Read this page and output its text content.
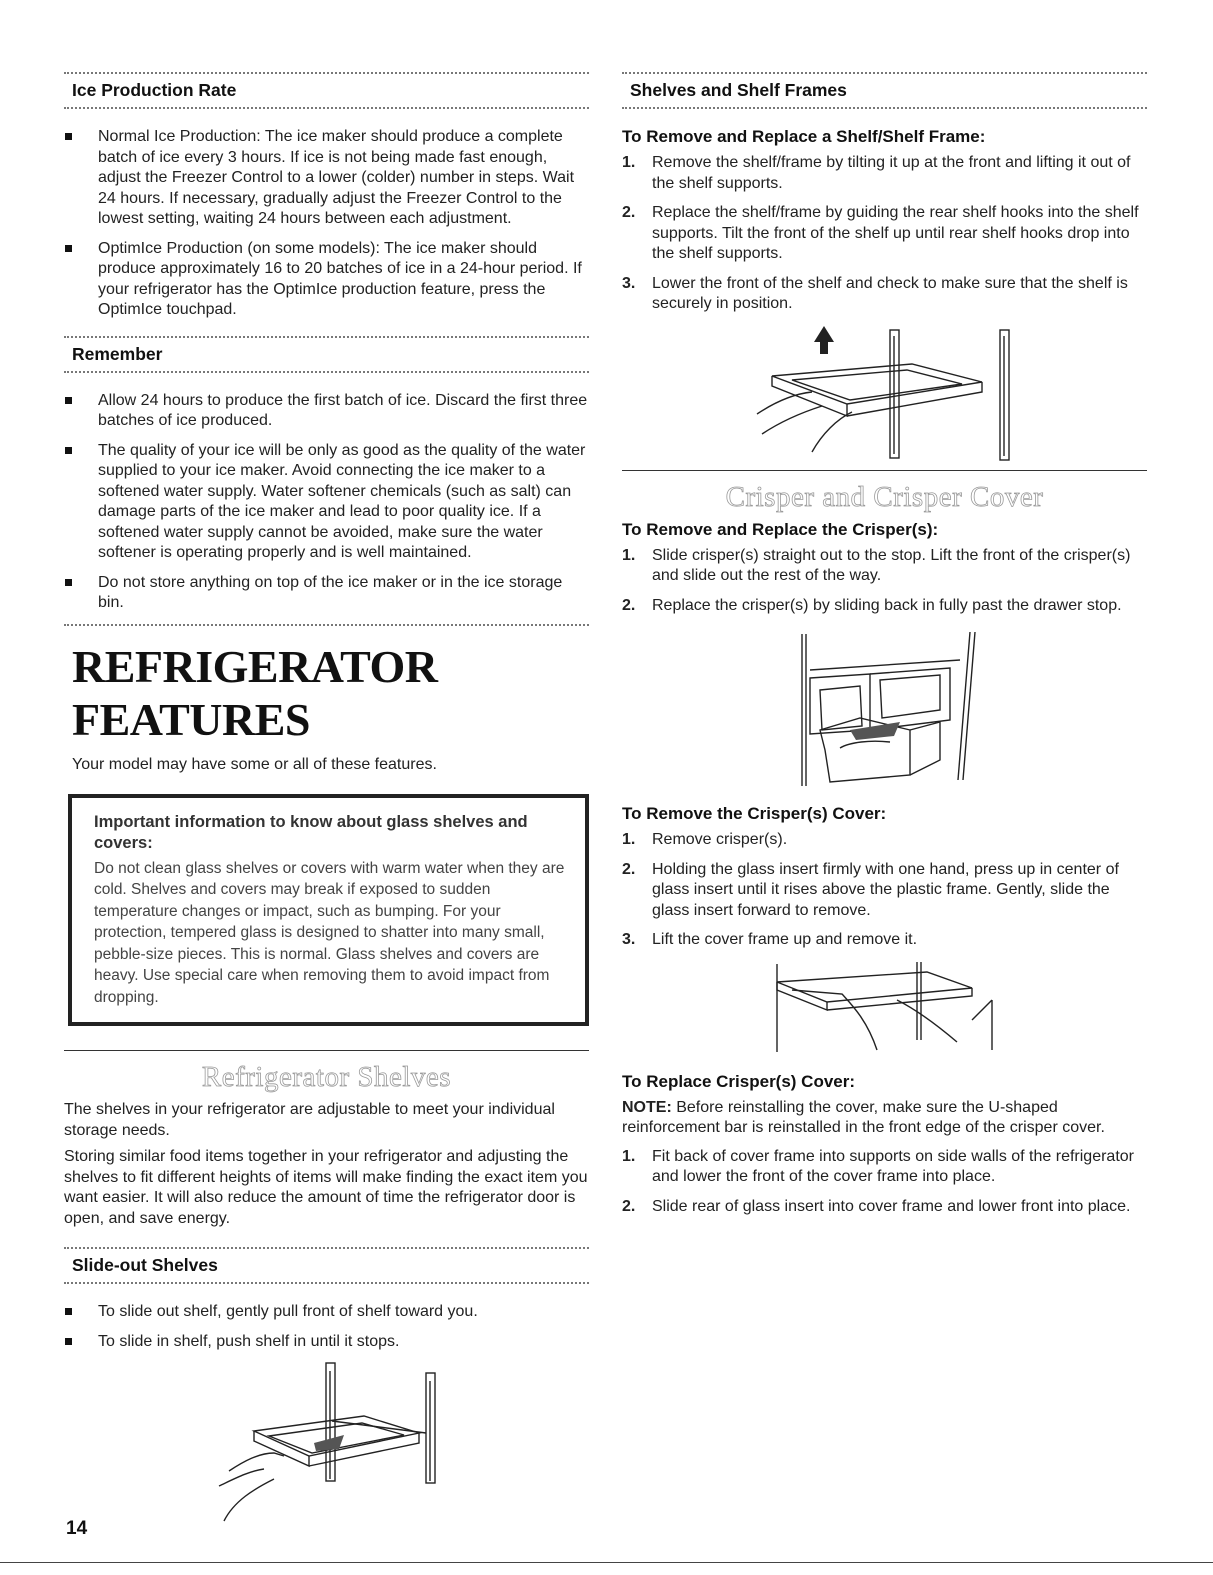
Ice Production Rate
Normal Ice Production: The ice maker should produce a complete batch of ice every 3 hours. If ice is not being made fast enough, adjust the Freezer Control to a lower (colder) number in steps. Wait 24 hours. If necessary, gradually adjust the Freezer Control to the lowest setting, waiting 24 hours between each adjustment.
OptimIce Production (on some models): The ice maker should produce approximately 16 to 20 batches of ice in a 24-hour period. If your refrigerator has the OptimIce production feature, press the OptimIce touchpad.
Remember
Allow 24 hours to produce the first batch of ice. Discard the first three batches of ice produced.
The quality of your ice will be only as good as the quality of the water supplied to your ice maker. Avoid connecting the ice maker to a softened water supply. Water softener chemicals (such as salt) can damage parts of the ice maker and lead to poor quality ice. If a softened water supply cannot be avoided, make sure the water softener is operating properly and is well maintained.
Do not store anything on top of the ice maker or in the ice storage bin.
REFRIGERATOR FEATURES
Your model may have some or all of these features.
Important information to know about glass shelves and covers:
Do not clean glass shelves or covers with warm water when they are cold. Shelves and covers may break if exposed to sudden temperature changes or impact, such as bumping. For your protection, tempered glass is designed to shatter into many small, pebble-size pieces. This is normal. Glass shelves and covers are heavy. Use special care when removing them to avoid impact from dropping.
Refrigerator Shelves

The shelves in your refrigerator are adjustable to meet your individual storage needs.

Storing similar food items together in your refrigerator and adjusting the shelves to fit different heights of items will make finding the exact item you want easier. It will also reduce the amount of time the refrigerator door is open, and save energy.

Slide-out Shelves
To slide out shelf, gently pull front of shelf toward you.
To slide in shelf, push shelf in until it stops.
Shelves and Shelf Frames
To Remove and Replace a Shelf/Shelf Frame:
1. Remove the shelf/frame by tilting it up at the front and lifting it out of the shelf supports.
2. Replace the shelf/frame by guiding the rear shelf hooks into the shelf supports. Tilt the front of the shelf up until rear shelf hooks drop into the shelf supports.
3. Lower the front of the shelf and check to make sure that the shelf is securely in position.
Crisper and Crisper Cover
To Remove and Replace the Crisper(s):
1. Slide crisper(s) straight out to the stop. Lift the front of the crisper(s) and slide out the rest of the way.
2. Replace the crisper(s) by sliding back in fully past the drawer stop.
To Remove the Crisper(s) Cover:
1. Remove crisper(s).
2. Holding the glass insert firmly with one hand, press up in center of glass insert until it rises above the plastic frame. Gently, slide the glass insert forward to remove.
3. Lift the cover frame up and remove it.
To Replace Crisper(s) Cover:

NOTE: Before reinstalling the cover, make sure the U-shaped reinforcement bar is reinstalled in the front edge of the crisper cover.

1. Fit back of cover frame into supports on side walls of the refrigerator and lower the front of the cover frame into place.
2. Slide rear of glass insert into cover frame and lower front into place.
14
